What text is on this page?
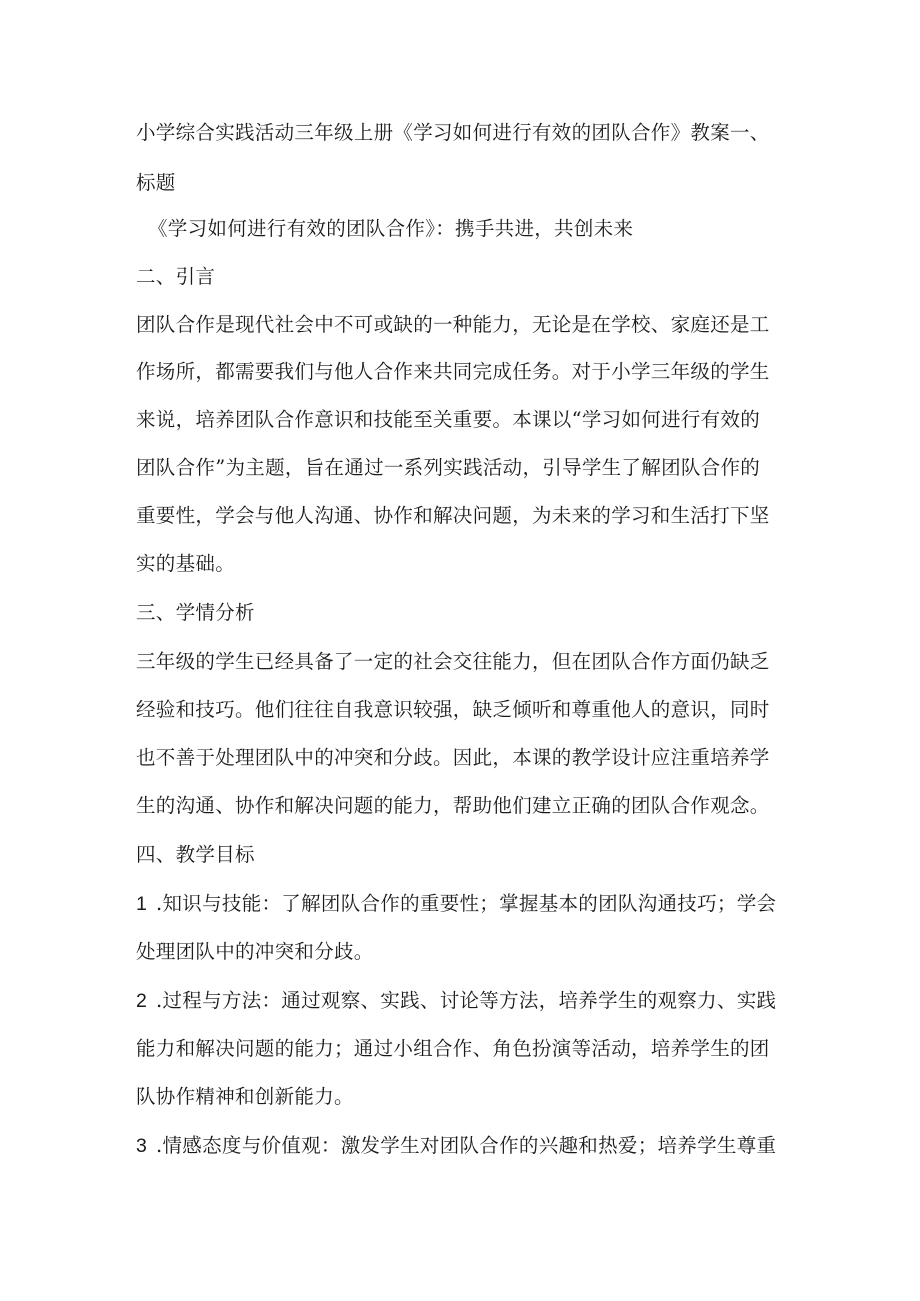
小学综合实践活动三年级上册《学习如何进行有效的团队合作》教案一、
标题
《学习如何进行有效的团队合作》：携手共进，共创未来
二、引言
团队合作是现代社会中不可或缺的一种能力，无论是在学校、家庭还是工
作场所，都需要我们与他人合作来共同完成任务。对于小学三年级的学生
来说，培养团队合作意识和技能至关重要。本课以“学习如何进行有效的
团队合作”为主题，旨在通过一系列实践活动，引导学生了解团队合作的
重要性，学会与他人沟通、协作和解决问题，为未来的学习和生活打下坚
实的基础。
三、学情分析
三年级的学生已经具备了一定的社会交往能力，但在团队合作方面仍缺乏
经验和技巧。他们往往自我意识较强，缺乏倾听和尊重他人的意识，同时
也不善于处理团队中的冲突和分歧。因此，本课的教学设计应注重培养学
生的沟通、协作和解决问题的能力，帮助他们建立正确的团队合作观念。
四、教学目标
1 .知识与技能：了解团队合作的重要性；掌握基本的团队沟通技巧；学会
处理团队中的冲突和分歧。
2 .过程与方法：通过观察、实践、讨论等方法，培养学生的观察力、实践
能力和解决问题的能力；通过小组合作、角色扮演等活动，培养学生的团
队协作精神和创新能力。
3 .情感态度与价值观：激发学生对团队合作的兴趣和热爱；培养学生尊重
